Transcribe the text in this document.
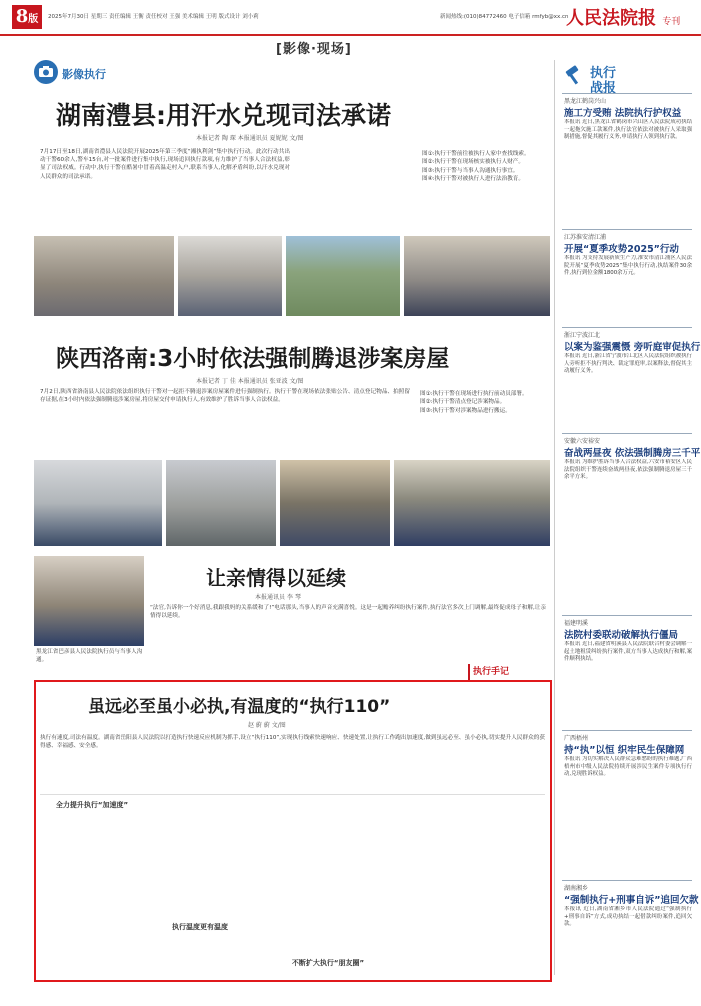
8版	2025年7月30日 星期三 责任编辑 王衡 责任校对 王强 美术编辑 王明 版式设计 刘小莉	新闻热线:(010)84772460 电子信箱 rmfyb@xx.cn
人民法院报 专刊
[影像·现场]
影像执行
湖南澧县:用汗水兑现司法承诺
本报记者 陶 琛 本报通讯员 夏妮妮 文/图
7月17日至18日,湖南省澧县人民法院开展2025年第三季度“湘执利剑”集中执行行动。此次行动共出动干警60余人,警车15台,对一批案件进行集中执行,现场追回执行款项,有力维护了当事人合法权益,彰显了司法权威。行动中,执行干警在酷暑中冒着高温走村入户,联系当事人,化解矛盾纠纷,以汗水兑现对人民群众的司法承诺。
图①:执行干警前往被执行人家中查找线索。
图②:执行干警在现场核实被执行人财产。
图③:执行干警与当事人沟通执行事宜。
图④:执行干警对被执行人进行法治教育。
陕西洛南:3小时依法强制腾退涉案房屋
本报记者 丁 佳 本报通讯员 张亚波 文/图
7月2日,陕西省洛南县人民法院依法组织执行干警对一起拒不腾退涉案房屋案件进行强制执行。执行干警在现场依法张贴公告、清点登记物品、拍照留存证据,在3小时内依法强制腾退涉案房屋,将房屋交付申请执行人,有效维护了胜诉当事人合法权益。
图①:执行干警在现场进行执行前动员部署。
图②:执行干警清点登记涉案物品。
图③:执行干警对涉案物品进行搬运。
黑龙江省巴彦县人民法院执行员与当事人沟通。
让亲情得以延续
本报通讯员 李 琴
“法官,告诉你一个好消息,我跟我妈的关系缓和了!”电话那头,当事人的声音充满喜悦。这是一起赡养纠纷执行案件,执行法官多次上门调解,最终促成母子和解,让亲情得以延续。
执行手记
虽远必至虽小必执,有温度的“执行110”
赵 蔚 蔚 文/图
执行有速度,司法有温度。湖南省岳阳县人民法院以打造执行快速反应机制为抓手,设立“执行110”,实现执行线索快速响应、快速处置,让执行工作跑出加速度,做到虽远必至、虽小必执,切实提升人民群众的获得感、幸福感、安全感。
全力提升执行“加速度”
执行温度更有温度
不断扩大执行“朋友圈”
执行
战报
黑龙江鹤岗兴山
施工方受贿 法院执行护权益
本报讯 近日,黑龙江省鹤岗市兴山区人民法院成功执结一起拖欠施工款案件,执行法官依法对被执行人采取强制措施,督促其履行义务,申请执行人领到执行款。
江苏淮安清江浦
开展“夏季攻势2025”行动
本报讯 为支持发展新质生产力,淮安市清江浦区人民法院开展“夏季攻势2025”集中执行行动,执结案件30余件,执行到位金额1800余万元。
浙江宁波江北
以案为鉴强震慑 旁听庭审促执行
本报讯 近日,浙江省宁波市江北区人民法院组织被执行人旁听拒不执行判决、裁定罪庭审,以案释法,督促其主动履行义务。
安徽六安裕安
奋战两昼夜 依法强制腾房三千平
本报讯 为维护胜诉当事人合法权益,六安市裕安区人民法院组织干警连续奋战两昼夜,依法强制腾退房屋三千余平方米。
福建明溪
法院村委联动破解执行僵局
本报讯 近日,福建省明溪县人民法院联合村委会调解一起土地租赁纠纷执行案件,双方当事人达成执行和解,案件顺利执结。
广西梧州
持“执”以恒 织牢民生保障网
本报讯 为切实解决人民群众急难愁盼的执行难题,广西梧州市中级人民法院持续开展涉民生案件专项执行行动,兑现胜诉权益。
湖南湘乡
“强制执行+刑事自诉”追回欠款
本报讯 近日,湖南省湘乡市人民法院通过“强制执行+刑事自诉”方式,成功执结一起借款纠纷案件,追回欠款。
